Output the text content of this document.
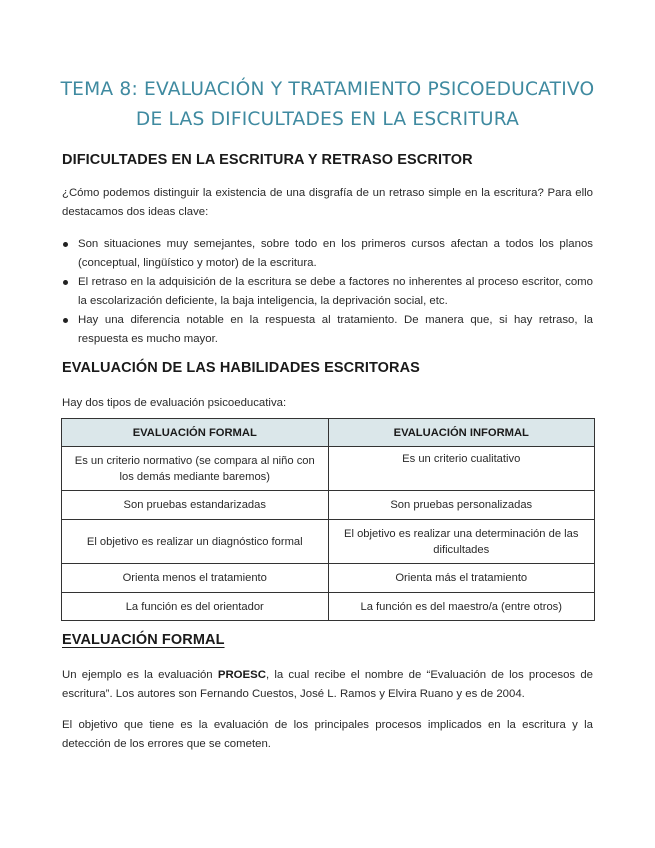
TEMA 8: EVALUACIÓN Y TRATAMIENTO PSICOEDUCATIVO
DE LAS DIFICULTADES EN LA ESCRITURA
DIFICULTADES EN LA ESCRITURA Y RETRASO ESCRITOR

¿Cómo podemos distinguir la existencia de una disgrafía de un retraso simple en la escritura? Para ello destacamos dos ideas clave:

Son situaciones muy semejantes, sobre todo en los primeros cursos afectan a todos los planos (conceptual, lingüístico y motor) de la escritura.
El retraso en la adquisición de la escritura se debe a factores no inherentes al proceso escritor, como la escolarización deficiente, la baja inteligencia, la deprivación social, etc.
Hay una diferencia notable en la respuesta al tratamiento. De manera que, si hay retraso, la respuesta es mucho mayor.
EVALUACIÓN DE LAS HABILIDADES ESCRITORAS

Hay dos tipos de evaluación psicoeducativa:

EVALUACIÓN FORMAL	EVALUACIÓN INFORMAL
Es un criterio normativo (se compara al niño con los demás mediante baremos)	Es un criterio cualitativo
Son pruebas estandarizadas	Son pruebas personalizadas
El objetivo es realizar un diagnóstico formal	El objetivo es realizar una determinación de las dificultades
Orienta menos el tratamiento	Orienta más el tratamiento
La función es del orientador	La función es del maestro/a (entre otros)
EVALUACIÓN FORMAL

Un ejemplo es la evaluación PROESC, la cual recibe el nombre de “Evaluación de los procesos de escritura”. Los autores son Fernando Cuestos, José L. Ramos y Elvira Ruano y es de 2004.

El objetivo que tiene es la evaluación de los principales procesos implicados en la escritura y la detección de los errores que se cometen.
